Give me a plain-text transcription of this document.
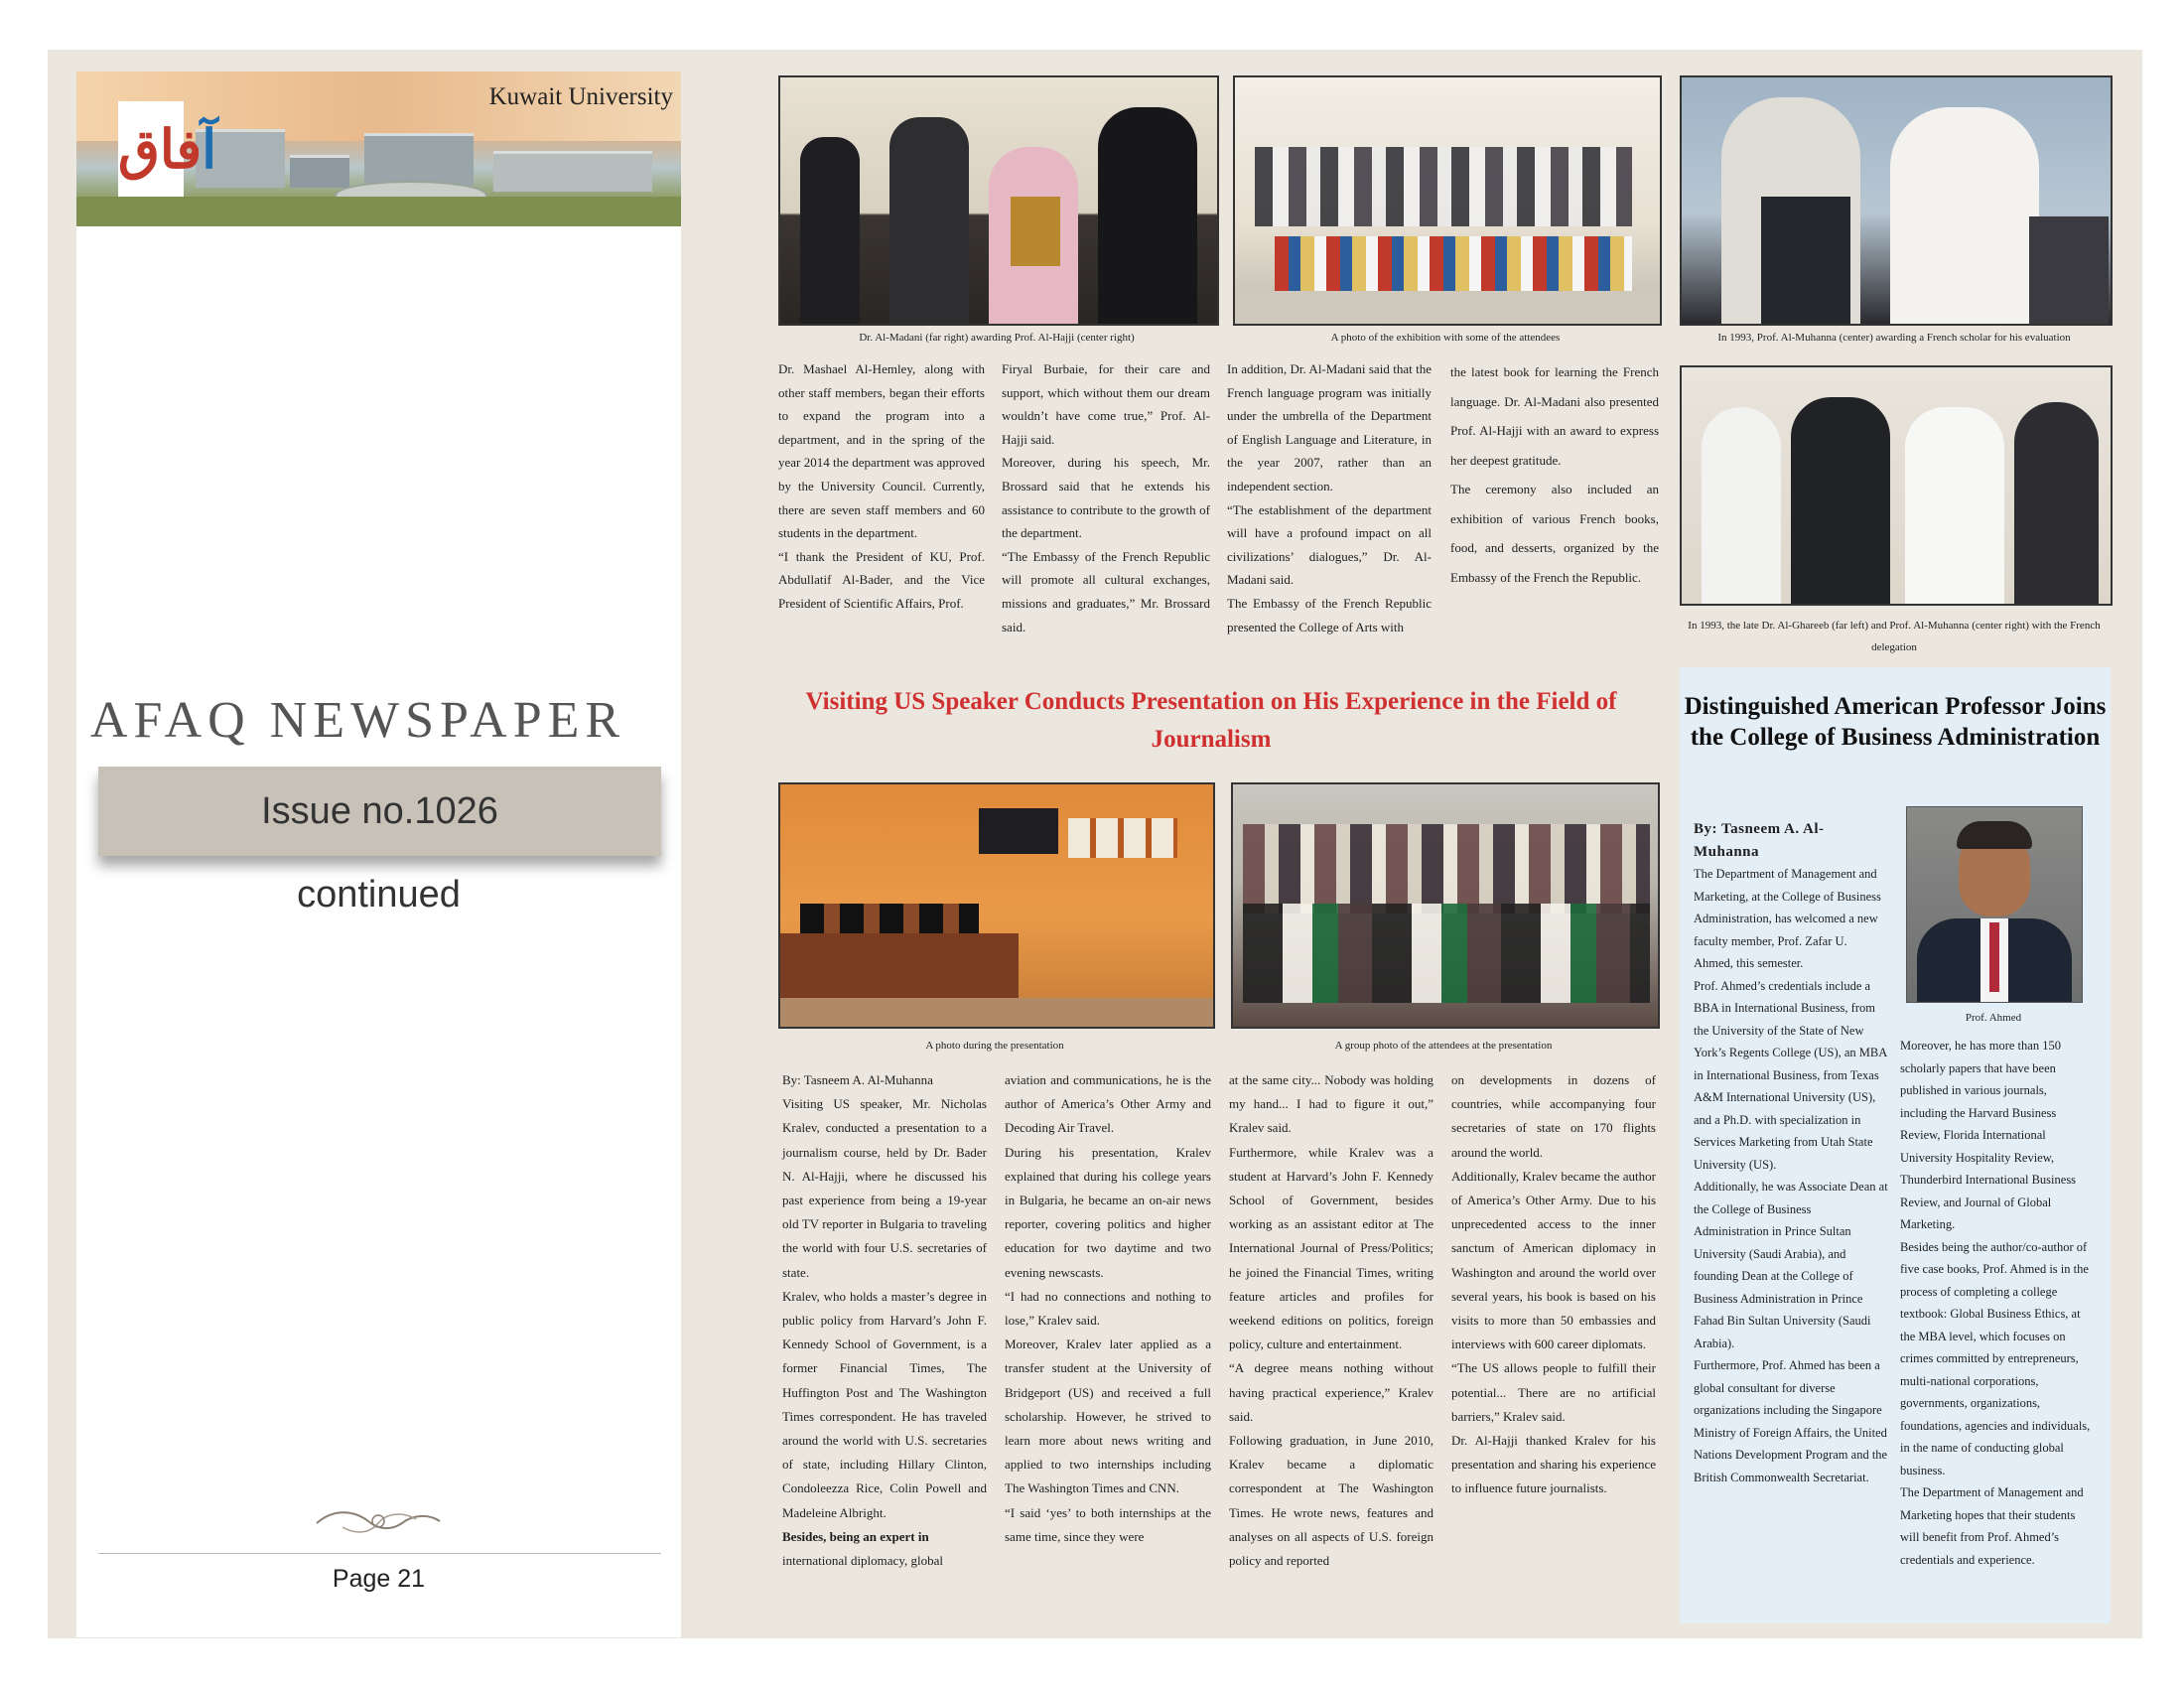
آفاق
Kuwait University
AFAQ NEWSPAPER
Issue no.1026
continued
Page 21
Dr. Al-Madani (far right) awarding Prof. Al-Hajji (center right)	A photo of the exhibition with some of the attendees	In 1993, Prof. Al-Muhanna (center) awarding a French scholar for his evaluation
In 1993, the late Dr. Al-Ghareeb (far left) and Prof. Al-Muhanna (center right) with the French delegation

Dr. Mashael Al-Hemley, along with other staff members, began their efforts to expand the program into a department, and in the spring of the year 2014 the department was approved by the University Council. Currently, there are seven staff members and 60 students in the department.

“I thank the President of KU, Prof. Abdullatif Al-Bader, and the Vice President of Scientific Affairs, Prof.

Firyal Burbaie, for their care and support, which without them our dream wouldn’t have come true,” Prof. Al-Hajji said.

Moreover, during his speech, Mr. Brossard said that he extends his assistance to contribute to the growth of the department.

“The Embassy of the French Republic will promote all cultural exchanges, missions and graduates,” Mr. Brossard said.

In addition, Dr. Al-Madani said that the French language program was initially under the umbrella of the Department of English Language and Literature, in the year 2007, rather than an independent section.

“The establishment of the department will have a profound impact on all civilizations’ dialogues,” Dr. Al-Madani said.

The Embassy of the French Republic presented the College of Arts with

the latest book for learning the French language. Dr. Al-Madani also presented Prof. Al-Hajji with an award to express her deepest gratitude.

The ceremony also included an exhibition of various French books, food, and desserts, organized by the Embassy of the French the Republic.

Visiting US Speaker Conducts Presentation on His Experience in the Field of Journalism
A photo during the presentation	A group photo of the attendees at the presentation

By: Tasneem A. Al-Muhanna

Visiting US speaker, Mr. Nicholas Kralev, conducted a presentation to a journalism course, held by Dr. Bader N. Al-Hajji, where he discussed his past experience from being a 19-year old TV reporter in Bulgaria to traveling the world with four U.S. secretaries of state.

Kralev, who holds a master’s degree in public policy from Harvard’s John F. Kennedy School of Government, is a former Financial Times, The Huffington Post and The Washington Times correspondent. He has traveled around the world with U.S. secretaries of state, including Hillary Clinton, Condoleezza Rice, Colin Powell and Madeleine Albright.

Besides, being an expert in

international diplomacy, global

aviation and communications, he is the author of America’s Other Army and Decoding Air Travel.

During his presentation, Kralev explained that during his college years in Bulgaria, he became an on-air news reporter, covering politics and higher education for two daytime and two evening newscasts.

“I had no connections and nothing to lose,” Kralev said.

Moreover, Kralev later applied as a transfer student at the University of Bridgeport (US) and received a full scholarship. However, he strived to learn more about news writing and applied to two internships including The Washington Times and CNN.

“I said ‘yes’ to both internships at the same time, since they were

at the same city... Nobody was holding my hand... I had to figure it out,” Kralev said.

Furthermore, while Kralev was a student at Harvard’s John F. Kennedy School of Government, besides working as an assistant editor at The International Journal of Press/Politics; he joined the Financial Times, writing feature articles and profiles for weekend editions on politics, foreign policy, culture and entertainment.

“A degree means nothing without having practical experience,” Kralev said.

Following graduation, in June 2010, Kralev became a diplomatic correspondent at The Washington Times. He wrote news, features and analyses on all aspects of U.S. foreign policy and reported

on developments in dozens of countries, while accompanying four secretaries of state on 170 flights around the world.

Additionally, Kralev became the author of America’s Other Army. Due to his unprecedented access to the inner sanctum of American diplomacy in Washington and around the world over several years, his book is based on his visits to more than 50 embassies and interviews with 600 career diplomats.

“The US allows people to fulfill their potential... There are no artificial barriers,” Kralev said.

Dr. Al-Hajji thanked Kralev for his presentation and sharing his experience to influence future journalists.

Distinguished American Professor Joins the College of Business Administration

By: Tasneem A. Al-Muhanna

The Department of Management and Marketing, at the College of Business Administration, has welcomed a new faculty member, Prof. Zafar U. Ahmed, this semester.

Prof. Ahmed’s credentials include a BBA in International Business, from the University of the State of New York’s Regents College (US), an MBA in International Business, from Texas A&M International University (US), and a Ph.D. with specialization in Services Marketing from Utah State University (US).

Additionally, he was Associate Dean at the College of Business Administration in Prince Sultan University (Saudi Arabia), and founding Dean at the College of Business Administration in Prince Fahad Bin Sultan University (Saudi Arabia).

Furthermore, Prof. Ahmed has been a global consultant for diverse organizations including the Singapore Ministry of Foreign Affairs, the United Nations Development Program and the British Commonwealth Secretariat.

Prof. Ahmed

Moreover, he has more than 150 scholarly papers that have been published in various journals, including the Harvard Business Review, Florida International University Hospitality Review, Thunderbird International Business Review, and Journal of Global Marketing.

Besides being the author/co-author of five case books, Prof. Ahmed is in the process of completing a college textbook: Global Business Ethics, at the MBA level, which focuses on crimes committed by entrepreneurs, multi-national corporations, governments, organizations, foundations, agencies and individuals, in the name of conducting global business.

The Department of Management and Marketing hopes that their students will benefit from Prof. Ahmed’s credentials and experience.
